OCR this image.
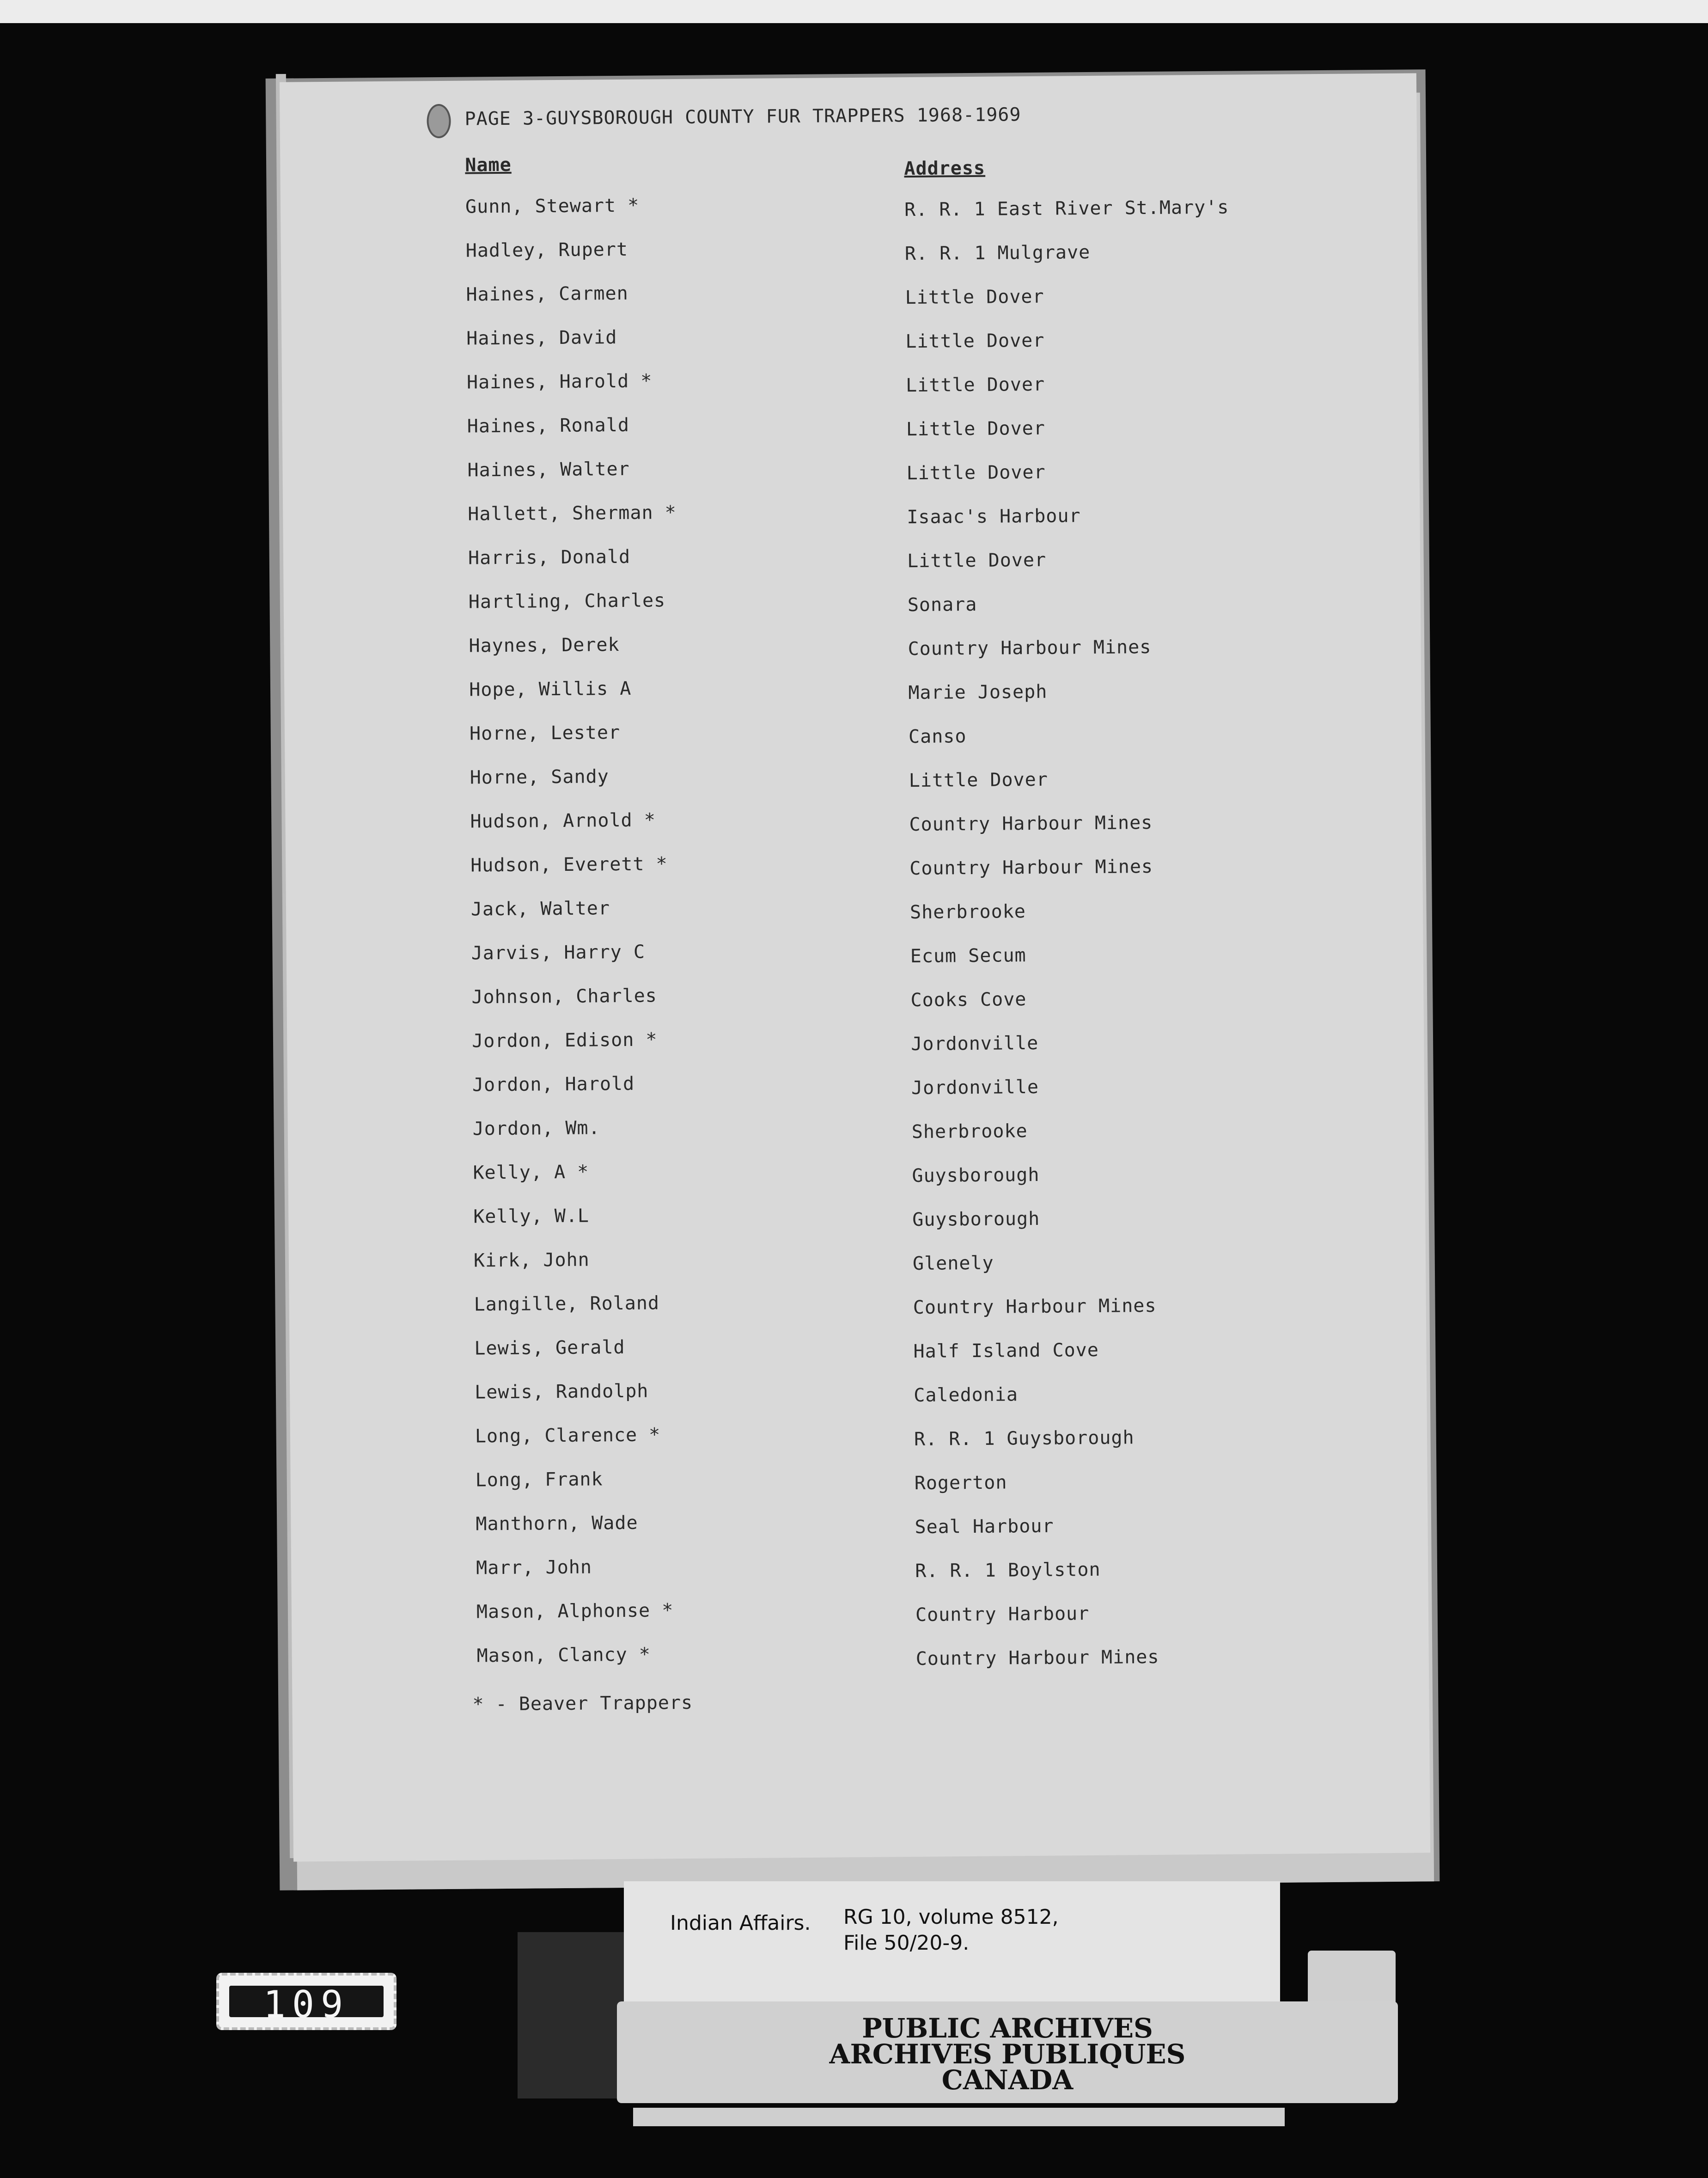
PAGE 3-GUYSBOROUGH COUNTY FUR TRAPPERS 1968-1969
Name	Address
Gunn, Stewart *	R. R. 1 East River St.Mary's
Hadley, Rupert	R. R. 1 Mulgrave
Haines, Carmen	Little Dover
Haines, David	Little Dover
Haines, Harold *	Little Dover
Haines, Ronald	Little Dover
Haines, Walter	Little Dover
Hallett, Sherman *	Isaac's Harbour
Harris, Donald	Little Dover
Hartling, Charles	Sonara
Haynes, Derek	Country Harbour Mines
Hope, Willis A	Marie Joseph
Horne, Lester	Canso
Horne, Sandy	Little Dover
Hudson, Arnold *	Country Harbour Mines
Hudson, Everett *	Country Harbour Mines
Jack, Walter	Sherbrooke
Jarvis, Harry C	Ecum Secum
Johnson, Charles	Cooks Cove
Jordon, Edison *	Jordonville
Jordon, Harold	Jordonville
Jordon, Wm.	Sherbrooke
Kelly, A *	Guysborough
Kelly, W.L	Guysborough
Kirk, John	Glenely
Langille, Roland	Country Harbour Mines
Lewis, Gerald	Half Island Cove
Lewis, Randolph	Caledonia
Long, Clarence *	R. R. 1 Guysborough
Long, Frank	Rogerton
Manthorn, Wade	Seal Harbour
Marr, John	R. R. 1 Boylston
Mason, Alphonse *	Country Harbour
Mason, Clancy *	Country Harbour Mines
* - Beaver Trappers
Indian Affairs. RG 10, volume 8512,
File 50/20-9.
PUBLIC ARCHIVES
ARCHIVES PUBLIQUES
CANADA
109
